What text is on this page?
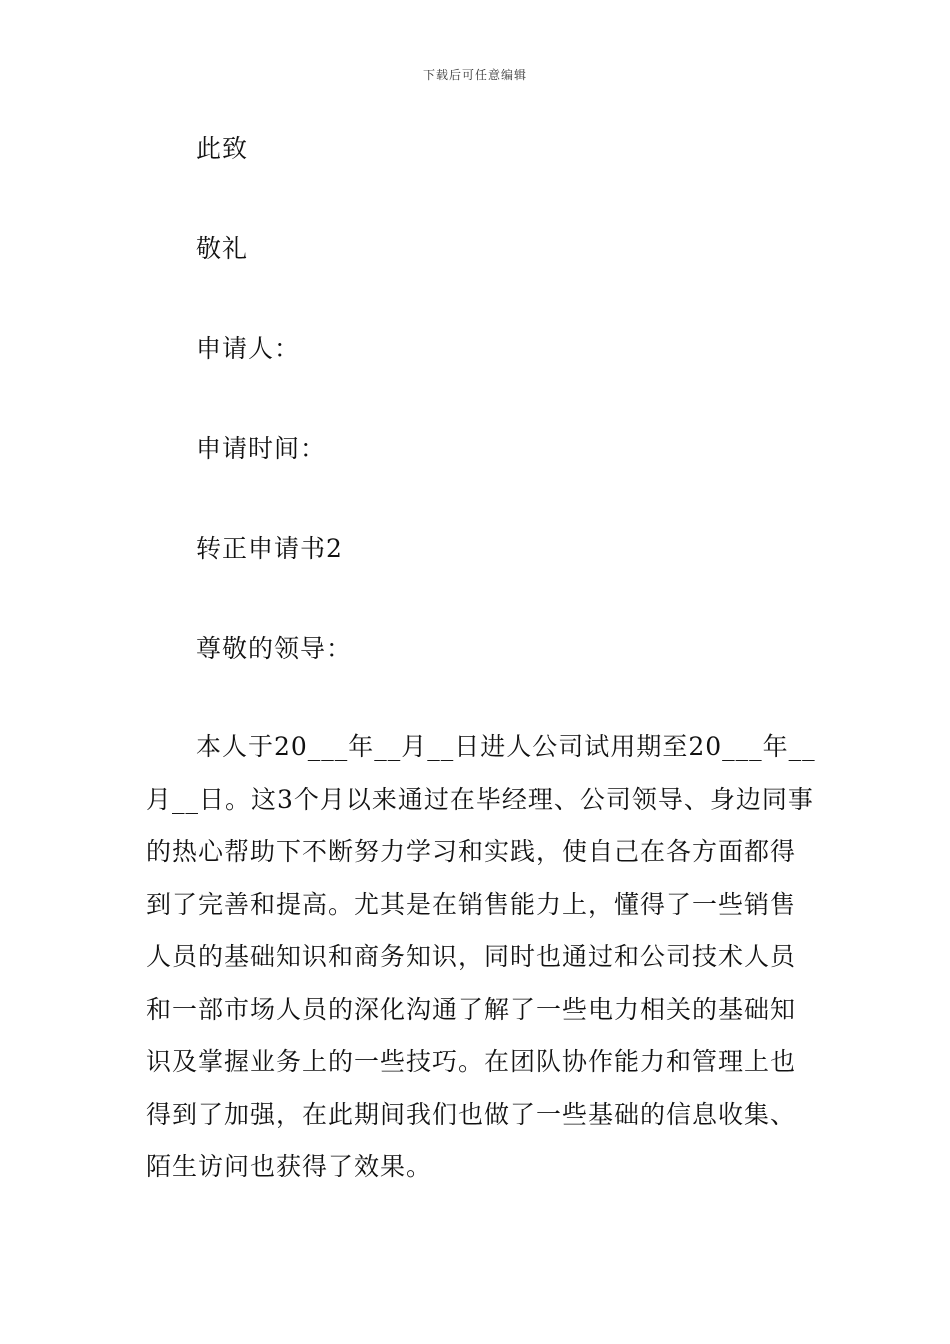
下载后可任意编辑
此致
敬礼
申请人：
申请时间：
转正申请书2
尊敬的领导：
本人于20___年__月__日进人公司试用期至20___年__
月__日。这3个月以来通过在毕经理、公司领导、身边同事
的热心帮助下不断努力学习和实践，使自己在各方面都得
到了完善和提高。尤其是在销售能力上，懂得了一些销售
人员的基础知识和商务知识，同时也通过和公司技术人员
和一部市场人员的深化沟通了解了一些电力相关的基础知
识及掌握业务上的一些技巧。在团队协作能力和管理上也
得到了加强，在此期间我们也做了一些基础的信息收集、
陌生访问也获得了效果。
